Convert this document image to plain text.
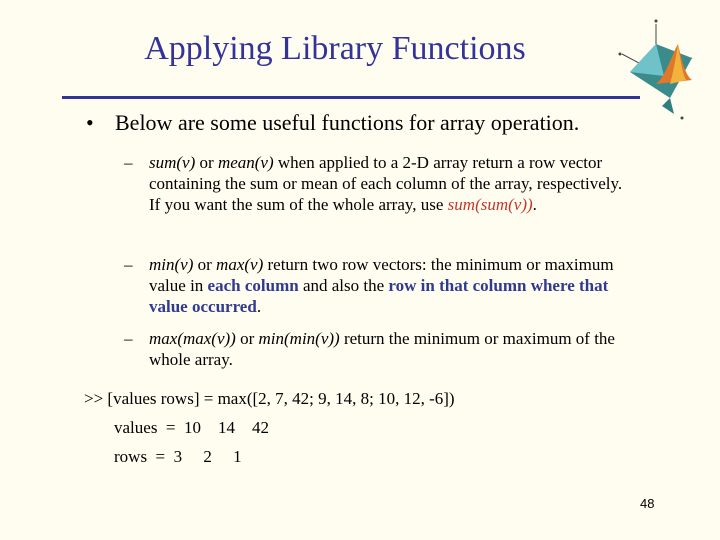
Applying Library Functions
• Below are some useful functions for array operation.
– sum(v) or mean(v) when applied to a 2-D array return a row vector containing the sum or mean of each column of the array, respectively. If you want the sum of the whole array, use sum(sum(v)).
– min(v) or max(v) return two row vectors: the minimum or maximum value in each column and also the row in that column where that value occurred.
– max(max(v)) or min(min(v)) return the minimum or maximum of the whole array.
>> [values rows] = max([2, 7, 42; 9, 14, 8; 10, 12, -6])
values  =  10    14    42
rows  =  3     2     1
48
